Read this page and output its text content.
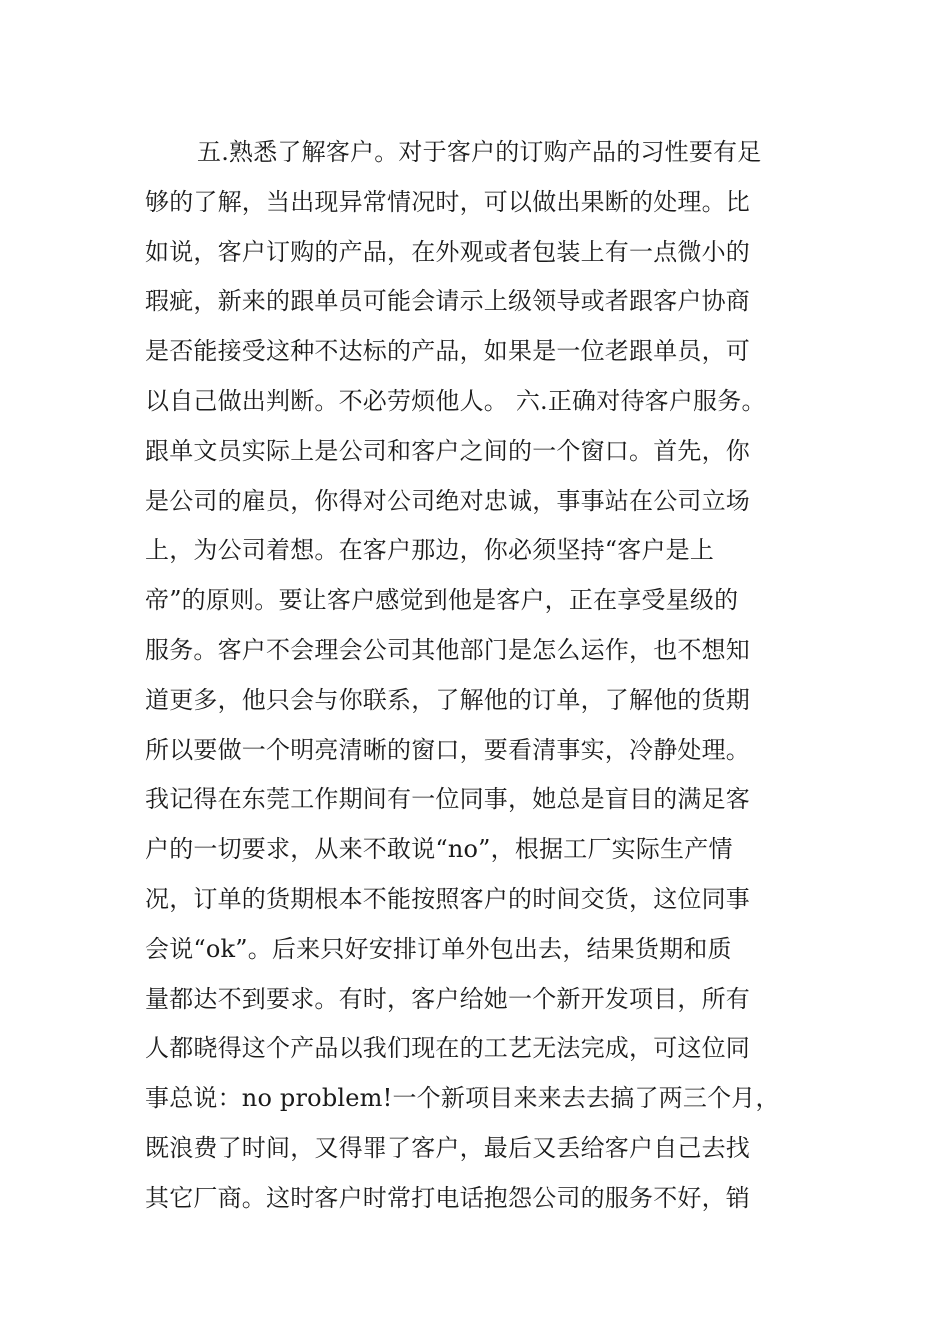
五.熟悉了解客户。对于客户的订购产品的习性要有足
够的了解，当出现异常情况时，可以做出果断的处理。比
如说，客户订购的产品，在外观或者包装上有一点微小的
瑕疵，新来的跟单员可能会请示上级领导或者跟客户协商
是否能接受这种不达标的产品，如果是一位老跟单员，可
以自己做出判断。不必劳烦他人。 六.正确对待客户服务。
跟单文员实际上是公司和客户之间的一个窗口。首先，你
是公司的雇员，你得对公司绝对忠诚，事事站在公司立场
上，为公司着想。在客户那边，你必须坚持“客户是上
帝”的原则。要让客户感觉到他是客户，正在享受星级的
服务。客户不会理会公司其他部门是怎么运作，也不想知
道更多，他只会与你联系，了解他的订单，了解他的货期
所以要做一个明亮清晰的窗口，要看清事实，冷静处理。
我记得在东莞工作期间有一位同事，她总是盲目的满足客
户的一切要求，从来不敢说“no”，根据工厂实际生产情
况，订单的货期根本不能按照客户的时间交货，这位同事
会说“ok”。后来只好安排订单外包出去，结果货期和质
量都达不到要求。有时，客户给她一个新开发项目，所有
人都晓得这个产品以我们现在的工艺无法完成，可这位同
事总说：no problem!一个新项目来来去去搞了两三个月，
既浪费了时间，又得罪了客户，最后又丢给客户自己去找
其它厂商。这时客户时常打电话抱怨公司的服务不好，销
